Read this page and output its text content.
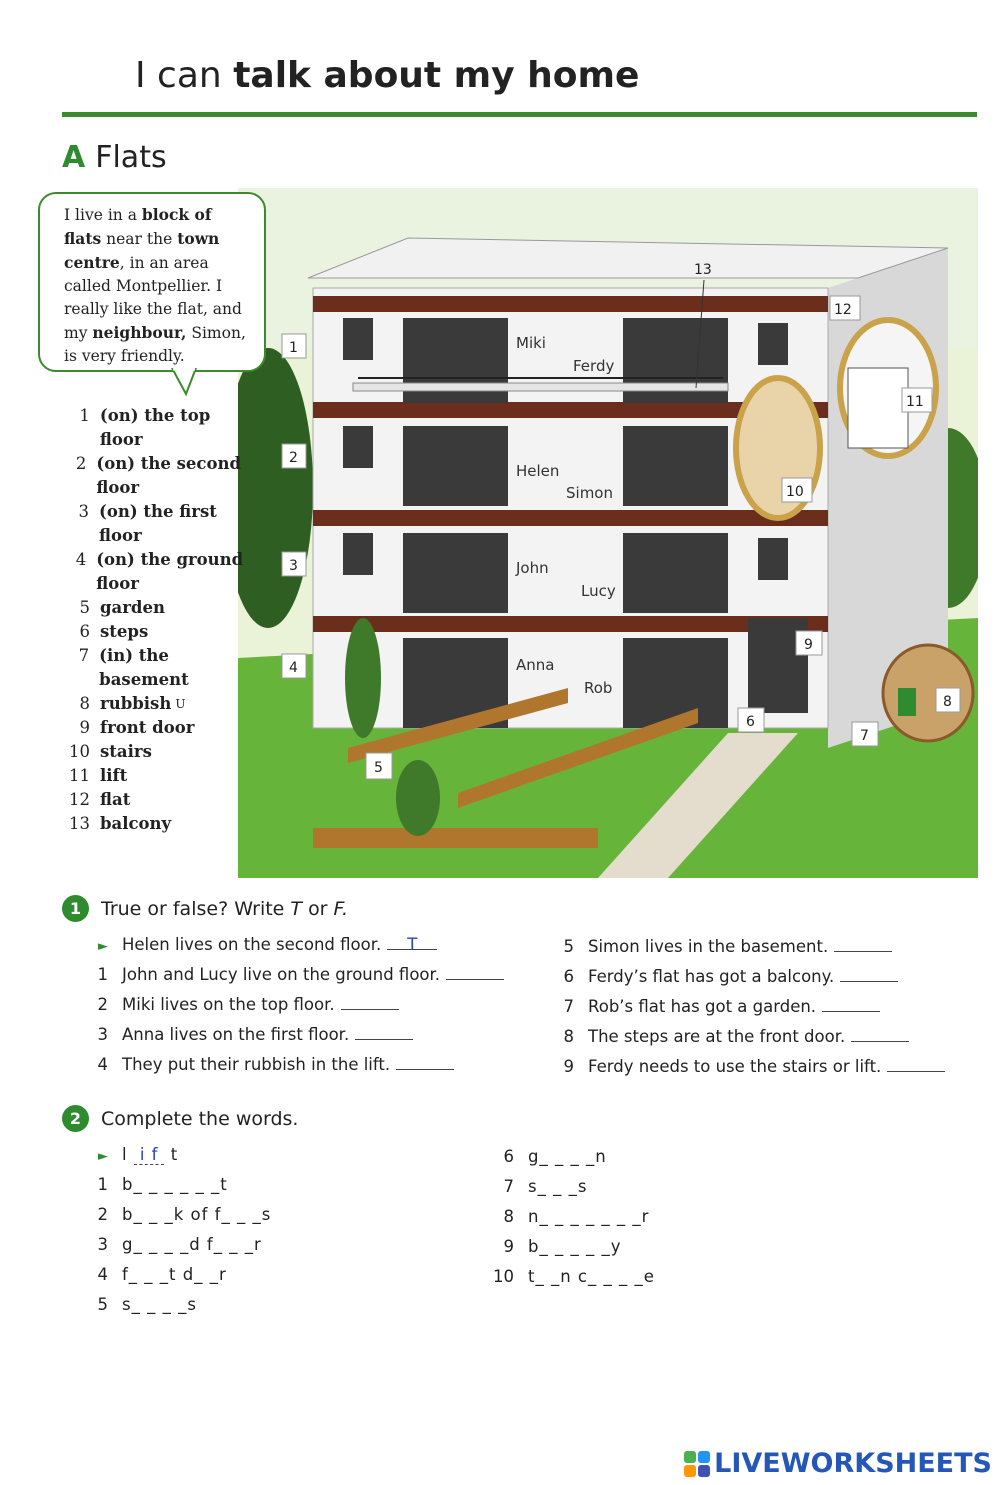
I can talk about my home
A Flats
Miki
Ferdy
Helen
Simon
John
Lucy
Anna
Rob
1
2
3
4
5
6
7
8
9
10
11
12
13
I live in a block of flats near the town centre, in an area called Montpellier. I really like the flat, and my neighbour, Simon, is very friendly.
1 (on) the top floor
2 (on) the second floor
3 (on) the first floor
4 (on) the ground floor
5 garden
6 steps
7 (in) the basement
8 rubbish U
9 front door
10 stairs
11 lift
12 flat
13 balcony
1	True or false? Write
T
or
F.
► Helen lives on the second floor.	T
1 John and Lucy live on the ground floor.
2 Miki lives on the top floor.
3 Anna lives on the first floor.
4 They put their rubbish in the lift.
5 Simon lives in the basement.
6 Ferdy’s flat has got a balcony.
7 Rob’s flat has got a garden.
8 The steps are at the front door.
9 Ferdy needs to use the stairs or lift.
2	Complete the words.
► l
i f
t
1 b_ _ _ _ _ _t
2 b_ _ _k of f_ _ _s
3 g_ _ _ _d f_ _ _r
4 f_ _ _t d_ _r
5 s_ _ _ _s
6 g_ _ _ _n
7 s_ _ _s
8 n_ _ _ _ _ _ _r
9 b_ _ _ _ _y
10 t_ _n c_ _ _ _e
LIVEWORKSHEETS
